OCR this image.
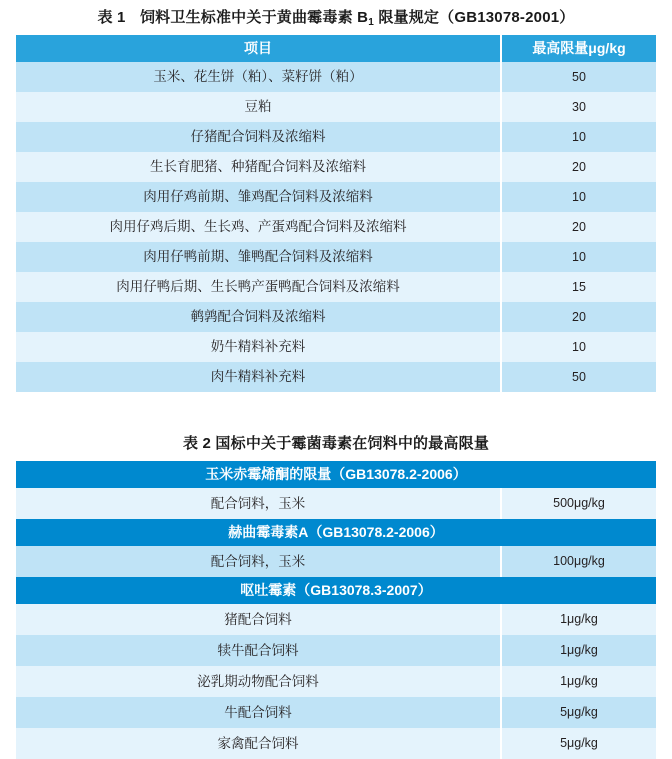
表 1 饲料卫生标准中关于黄曲霉毒素 $B_1$ 限量规定（GB13078-2001）
项目	最高限量μg/kg
玉米、花生饼（粕）、菜籽饼（粕）	50
豆粕	30
仔猪配合饲料及浓缩料	10
生长育肥猪、种猪配合饲料及浓缩料	20
肉用仔鸡前期、雏鸡配合饲料及浓缩料	10
肉用仔鸡后期、生长鸡、产蛋鸡配合饲料及浓缩料	20
肉用仔鸭前期、雏鸭配合饲料及浓缩料	10
肉用仔鸭后期、生长鸭产蛋鸭配合饲料及浓缩料	15
鹌鹑配合饲料及浓缩料	20
奶牛精料补充料	10
肉牛精料补充料	50
表 2 国标中关于霉菌毒素在饲料中的最高限量
玉米赤霉烯酮的限量（GB13078.2-2006）	
配合饲料，玉米	500μg/kg
赫曲霉毒素A（GB13078.2-2006）	
配合饲料，玉米	100μg/kg
呕吐霉素（GB13078.3-2007）	
猪配合饲料	1μg/kg
犊牛配合饲料	1μg/kg
泌乳期动物配合饲料	1μg/kg
牛配合饲料	5μg/kg
家禽配合饲料	5μg/kg
